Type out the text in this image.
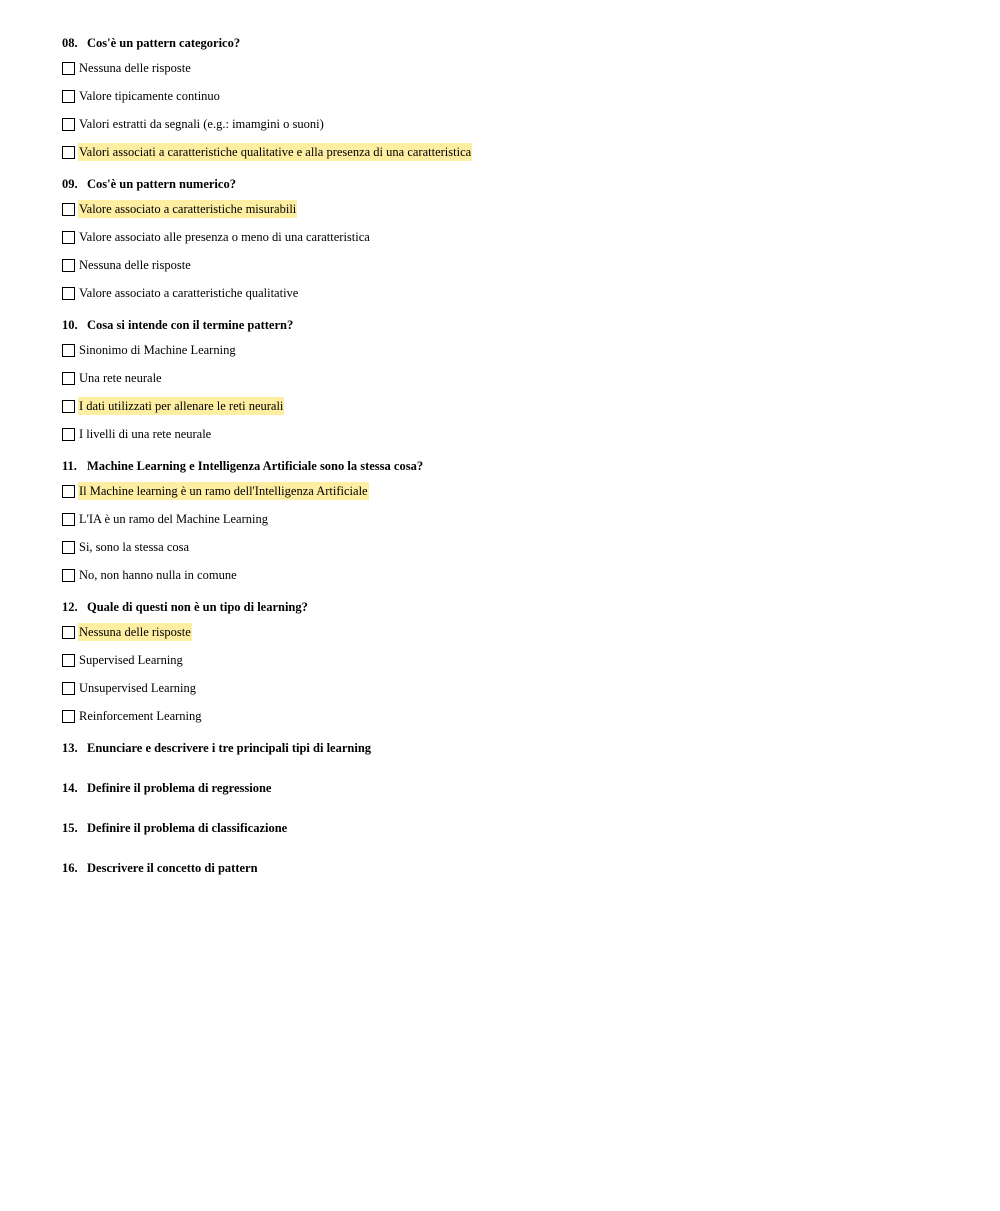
08. Cos'è un pattern categorico?
Nessuna delle risposte
Valore tipicamente continuo
Valori estratti da segnali (e.g.: imamgini o suoni)
Valori associati a caratteristiche qualitative e alla presenza di una caratteristica
09. Cos'è un pattern numerico?
Valore associato a caratteristiche misurabili
Valore associato alle presenza o meno di una caratteristica
Nessuna delle risposte
Valore associato a caratteristiche qualitative
10. Cosa si intende con il termine pattern?
Sinonimo di Machine Learning
Una rete neurale
I dati utilizzati per allenare le reti neurali
I livelli di una rete neurale
11. Machine Learning e Intelligenza Artificiale sono la stessa cosa?
Il Machine learning è un ramo dell'Intelligenza Artificiale
L'IA è un ramo del Machine Learning
Si, sono la stessa cosa
No, non hanno nulla in comune
12. Quale di questi non è un tipo di learning?
Nessuna delle risposte
Supervised Learning
Unsupervised Learning
Reinforcement Learning
13. Enunciare e descrivere i tre principali tipi di learning
14. Definire il problema di regressione
15. Definire il problema di classificazione
16. Descrivere il concetto di pattern
